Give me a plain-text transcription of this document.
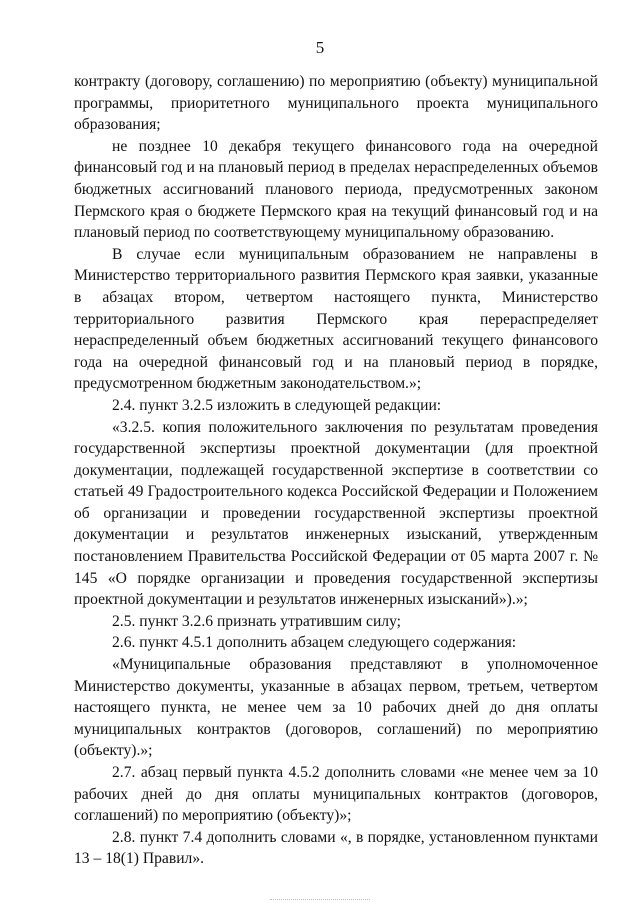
5

контракту (договору, соглашению) по мероприятию (объекту) муниципальной программы, приоритетного муниципального проекта муниципального образования;

не позднее 10 декабря текущего финансового года на очередной финансовый год и на плановый период в пределах нераспределенных объемов бюджетных ассигнований планового периода, предусмотренных законом Пермского края о бюджете Пермского края на текущий финансовый год и на плановый период по соответствующему муниципальному образованию.

В случае если муниципальным образованием не направлены в Министерство территориального развития Пермского края заявки, указанные в абзацах втором, четвертом настоящего пункта, Министерство территориального развития Пермского края перераспределяет нераспределенный объем бюджетных ассигнований текущего финансового года на очередной финансовый год и на плановый период в порядке, предусмотренном бюджетным законодательством.»;

2.4. пункт 3.2.5 изложить в следующей редакции:

«3.2.5. копия положительного заключения по результатам проведения государственной экспертизы проектной документации (для проектной документации, подлежащей государственной экспертизе в соответствии со статьей 49 Градостроительного кодекса Российской Федерации и Положением об организации и проведении государственной экспертизы проектной документации и результатов инженерных изысканий, утвержденным постановлением Правительства Российской Федерации от 05 марта 2007 г. № 145 «О порядке организации и проведения государственной экспертизы проектной документации и результатов инженерных изысканий»).»;

2.5. пункт 3.2.6 признать утратившим силу;

2.6. пункт 4.5.1 дополнить абзацем следующего содержания:

«Муниципальные образования представляют в уполномоченное Министерство документы, указанные в абзацах первом, третьем, четвертом настоящего пункта, не менее чем за 10 рабочих дней до дня оплаты муниципальных контрактов (договоров, соглашений) по мероприятию (объекту).»;

2.7. абзац первый пункта 4.5.2 дополнить словами «не менее чем за 10 рабочих дней до дня оплаты муниципальных контрактов (договоров, соглашений) по мероприятию (объекту)»;

2.8. пункт 7.4 дополнить словами «, в порядке, установленном пунктами 13 – 18(1) Правил».
